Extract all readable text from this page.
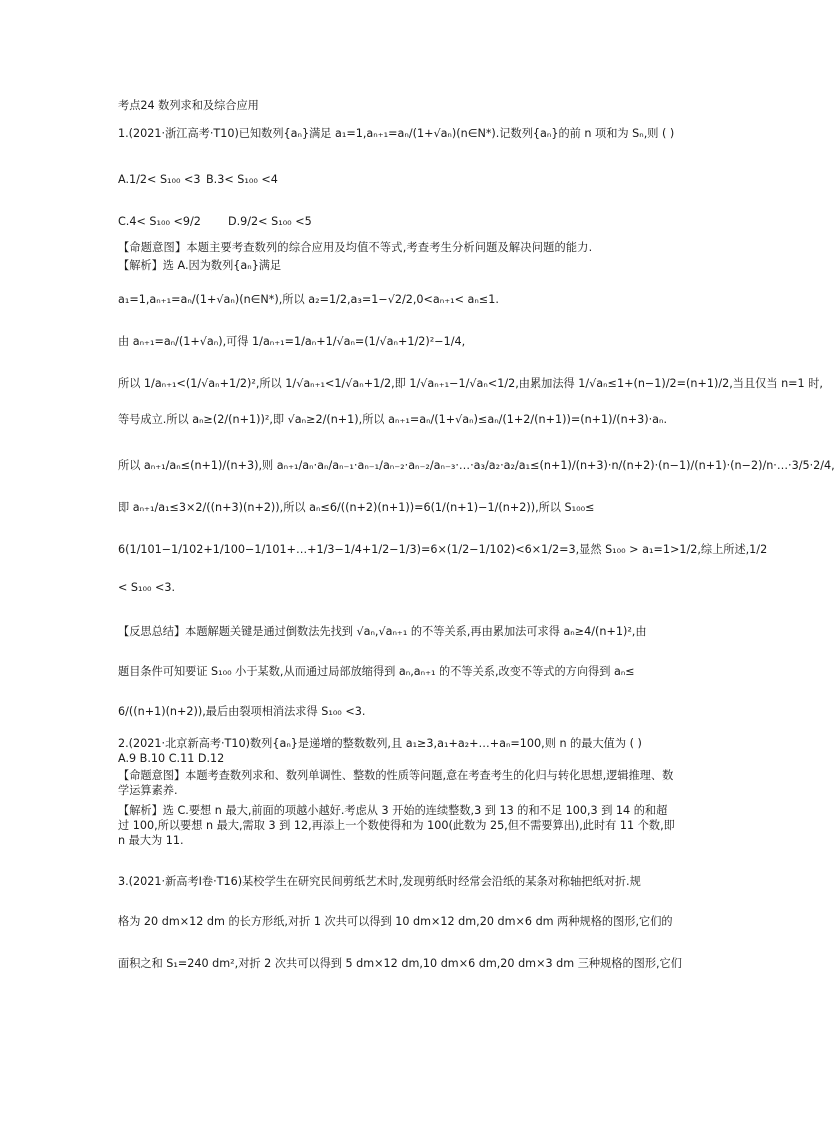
考点24 数列求和及综合应用
1.(2021·浙江高考·T10)已知数列{aₙ}满足 a₁=1,aₙ₊₁=aₙ/(1+√aₙ)(n∈N*).记数列{aₙ}的前 n 项和为 Sₙ,则 ( )
A.1/2< S₁₀₀ <3 B.3< S₁₀₀ <4
C.4< S₁₀₀ <9/2	D.9/2< S₁₀₀ <5
【命题意图】本题主要考查数列的综合应用及均值不等式,考查考生分析问题及解决问题的能力.
【解析】选 A.因为数列{aₙ}满足
a₁=1,aₙ₊₁=aₙ/(1+√aₙ)(n∈N*),所以 a₂=1/2,a₃=1−√2/2,0<aₙ₊₁< aₙ≤1.
由 aₙ₊₁=aₙ/(1+√aₙ),可得 1/aₙ₊₁=1/aₙ+1/√aₙ=(1/√aₙ+1/2)²−1/4,
所以 1/aₙ₊₁<(1/√aₙ+1/2)²,所以 1/√aₙ₊₁<1/√aₙ+1/2,即 1/√aₙ₊₁−1/√aₙ<1/2,由累加法得 1/√aₙ≤1+(n−1)/2=(n+1)/2,当且仅当 n=1 时,
等号成立.所以 aₙ≥(2/(n+1))²,即 √aₙ≥2/(n+1),所以 aₙ₊₁=aₙ/(1+√aₙ)≤aₙ/(1+2/(n+1))=(n+1)/(n+3)·aₙ.
所以 aₙ₊₁/aₙ≤(n+1)/(n+3),则 aₙ₊₁/aₙ·aₙ/aₙ₋₁·aₙ₋₁/aₙ₋₂·aₙ₋₂/aₙ₋₃·…·a₃/a₂·a₂/a₁≤(n+1)/(n+3)·n/(n+2)·(n−1)/(n+1)·(n−2)/n·…·3/5·2/4,
即 aₙ₊₁/a₁≤3×2/((n+3)(n+2)),所以 aₙ≤6/((n+2)(n+1))=6(1/(n+1)−1/(n+2)),所以 S₁₀₀≤
6(1/101−1/102+1/100−1/101+…+1/3−1/4+1/2−1/3)=6×(1/2−1/102)<6×1/2=3,显然 S₁₀₀ > a₁=1>1/2,综上所述,1/2
< S₁₀₀ <3.
【反思总结】本题解题关键是通过倒数法先找到 √aₙ,√aₙ₊₁ 的不等关系,再由累加法可求得 aₙ≥4/(n+1)²,由
题目条件可知要证 S₁₀₀ 小于某数,从而通过局部放缩得到 aₙ,aₙ₊₁ 的不等关系,改变不等式的方向得到 aₙ≤
6/((n+1)(n+2)),最后由裂项相消法求得 S₁₀₀ <3.
2.(2021·北京新高考·T10)数列{aₙ}是递增的整数数列,且 a₁≥3,a₁+a₂+…+aₙ=100,则 n 的最大值为 ( )
A.9 B.10 C.11 D.12
【命题意图】本题考查数列求和、数列单调性、整数的性质等问题,意在考查考生的化归与转化思想,逻辑推理、数学运算素养.
【解析】选 C.要想 n 最大,前面的项越小越好.考虑从 3 开始的连续整数,3 到 13 的和不足 100,3 到 14 的和超过 100,所以要想 n 最大,需取 3 到 12,再添上一个数使得和为 100(此数为 25,但不需要算出),此时有 11 个数,即 n 最大为 11.
3.(2021·新高考Ⅰ卷·T16)某校学生在研究民间剪纸艺术时,发现剪纸时经常会沿纸的某条对称轴把纸对折.规
格为 20 dm×12 dm 的长方形纸,对折 1 次共可以得到 10 dm×12 dm,20 dm×6 dm 两种规格的图形,它们的
面积之和 S₁=240 dm²,对折 2 次共可以得到 5 dm×12 dm,10 dm×6 dm,20 dm×3 dm 三种规格的图形,它们
